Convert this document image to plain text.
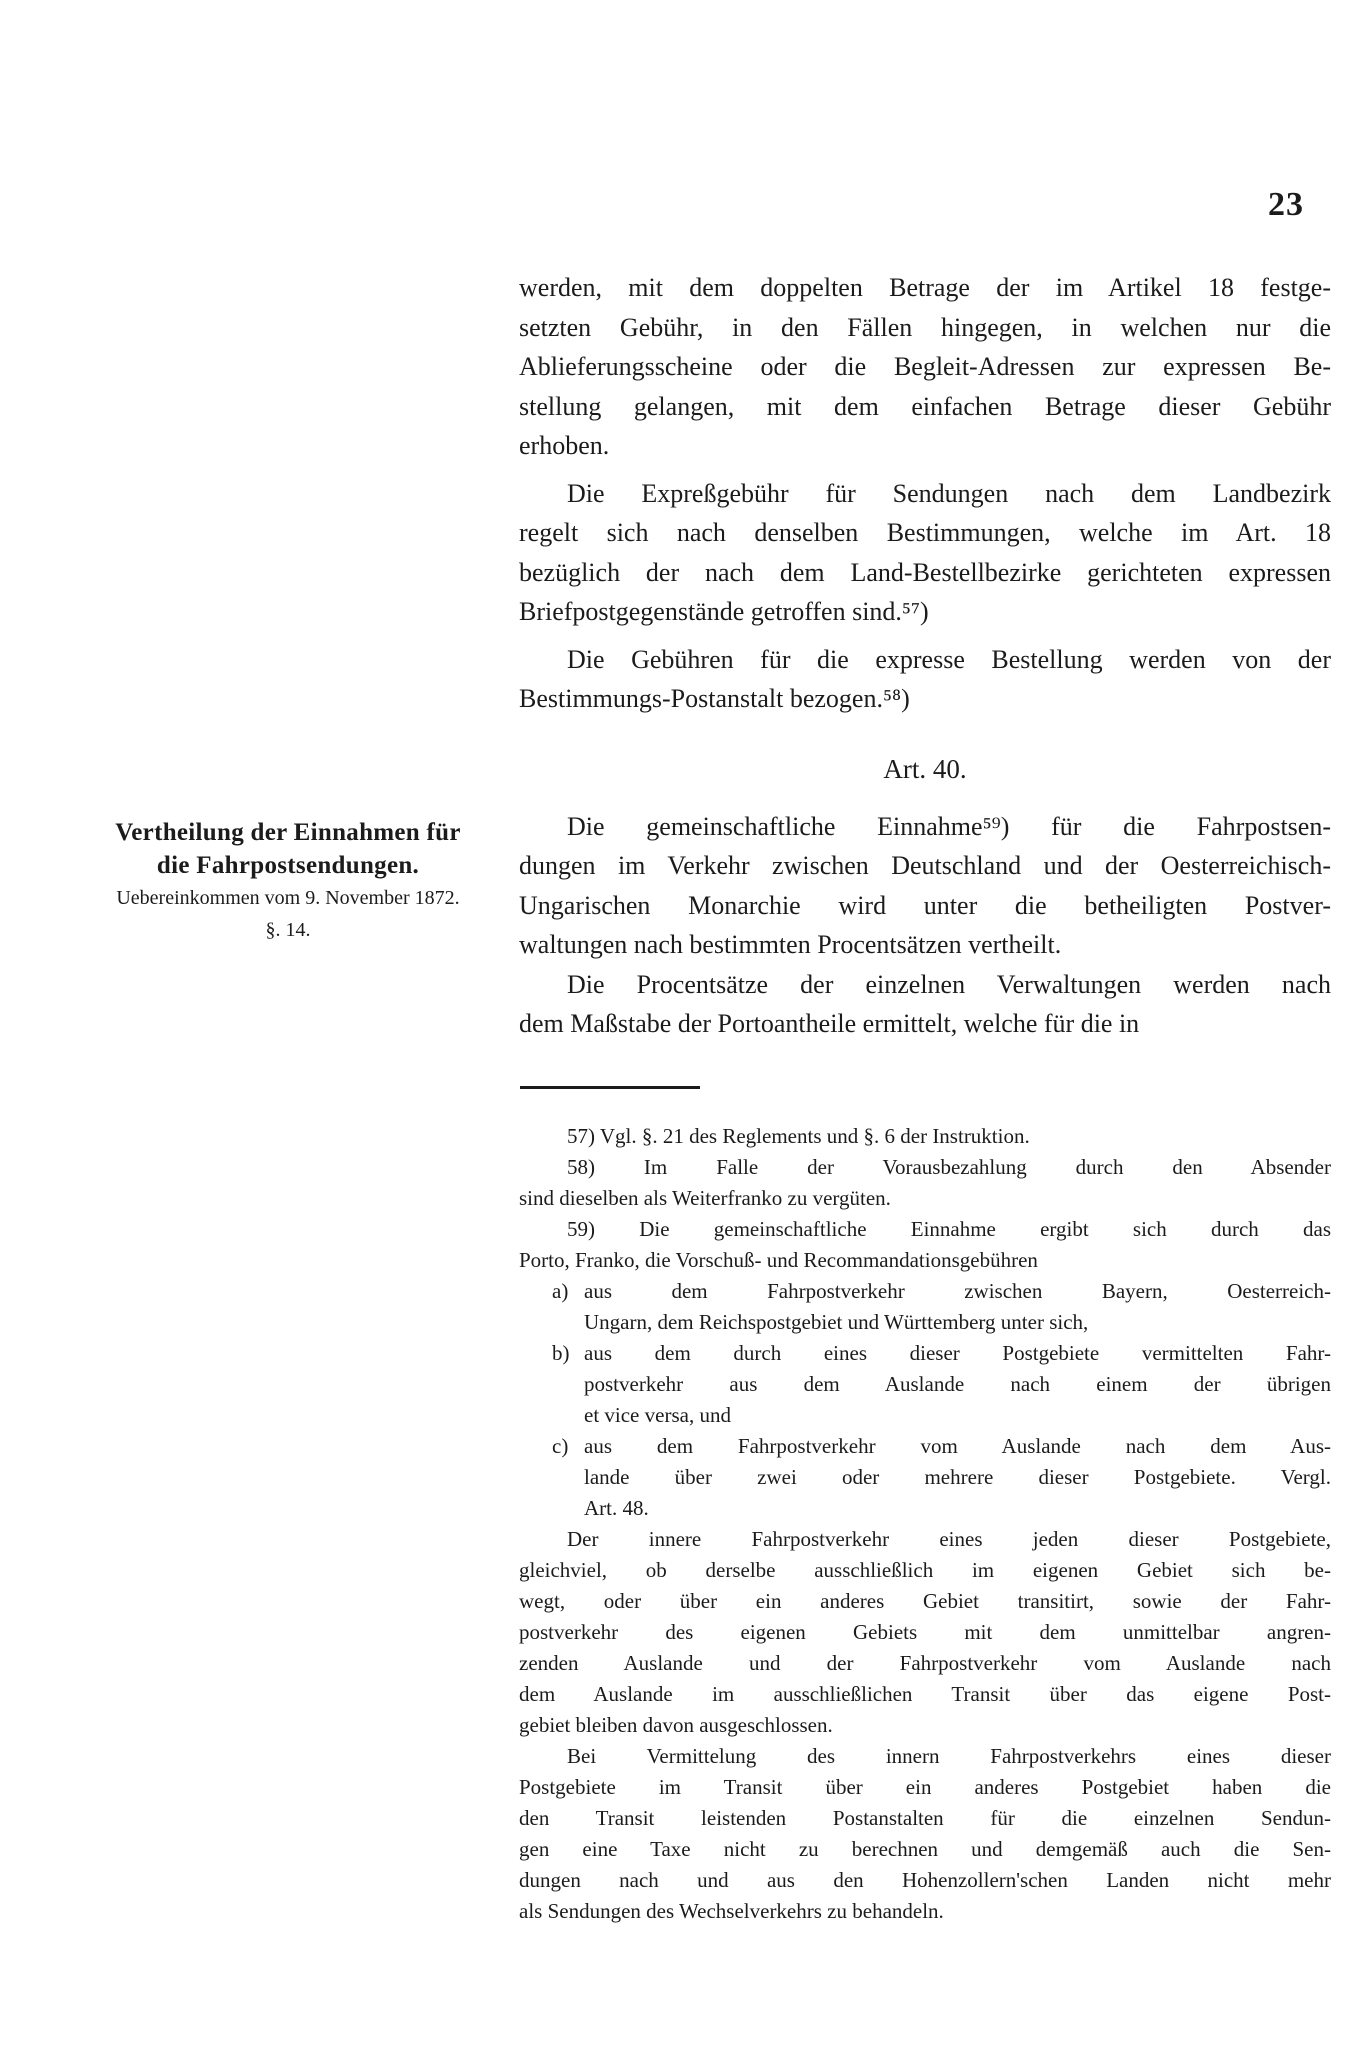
23
Vertheilung der Einnahmen für
die Fahrpostsendungen.
Uebereinkommen vom 9. November 1872.
§. 14.
werden, mit dem doppelten Betrage der im Artikel 18 festge-
setzten Gebühr, in den Fällen hingegen, in welchen nur die
Ablieferungsscheine oder die Begleit-Adressen zur expressen Be-
stellung gelangen, mit dem einfachen Betrage dieser Gebühr
erhoben.
Die Expreßgebühr für Sendungen nach dem Landbezirk
regelt sich nach denselben Bestimmungen, welche im Art. 18
bezüglich der nach dem Land-Bestellbezirke gerichteten expressen
Briefpostgegenstände getroffen sind.⁵⁷)
Die Gebühren für die expresse Bestellung werden von der
Bestimmungs-Postanstalt bezogen.⁵⁸)
Art. 40.
Die gemeinschaftliche Einnahme⁵⁹) für die Fahrpostsen-
dungen im Verkehr zwischen Deutschland und der Oesterreichisch-
Ungarischen Monarchie wird unter die betheiligten Postver-
waltungen nach bestimmten Procentsätzen vertheilt.
Die Procentsätze der einzelnen Verwaltungen werden nach
dem Maßstabe der Portoantheile ermittelt, welche für die in
57) Vgl. §. 21 des Reglements und §. 6 der Instruktion.
58) Im Falle der Vorausbezahlung durch den Absender
sind dieselben als Weiterfranko zu vergüten.
59) Die gemeinschaftliche Einnahme ergibt sich durch das
Porto, Franko, die Vorschuß- und Recommandationsgebühren
a) aus dem Fahrpostverkehr zwischen Bayern, Oesterreich-
Ungarn, dem Reichspostgebiet und Württemberg unter sich,
b) aus dem durch eines dieser Postgebiete vermittelten Fahr-
postverkehr aus dem Auslande nach einem der übrigen
et vice versa, und
c) aus dem Fahrpostverkehr vom Auslande nach dem Aus-
lande über zwei oder mehrere dieser Postgebiete. Vergl.
Art. 48.
Der innere Fahrpostverkehr eines jeden dieser Postgebiete,
gleichviel, ob derselbe ausschließlich im eigenen Gebiet sich be-
wegt, oder über ein anderes Gebiet transitirt, sowie der Fahr-
postverkehr des eigenen Gebiets mit dem unmittelbar angren-
zenden Auslande und der Fahrpostverkehr vom Auslande nach
dem Auslande im ausschließlichen Transit über das eigene Post-
gebiet bleiben davon ausgeschlossen.
Bei Vermittelung des innern Fahrpostverkehrs eines dieser
Postgebiete im Transit über ein anderes Postgebiet haben die
den Transit leistenden Postanstalten für die einzelnen Sendun-
gen eine Taxe nicht zu berechnen und demgemäß auch die Sen-
dungen nach und aus den Hohenzollern'schen Landen nicht mehr
als Sendungen des Wechselverkehrs zu behandeln.
